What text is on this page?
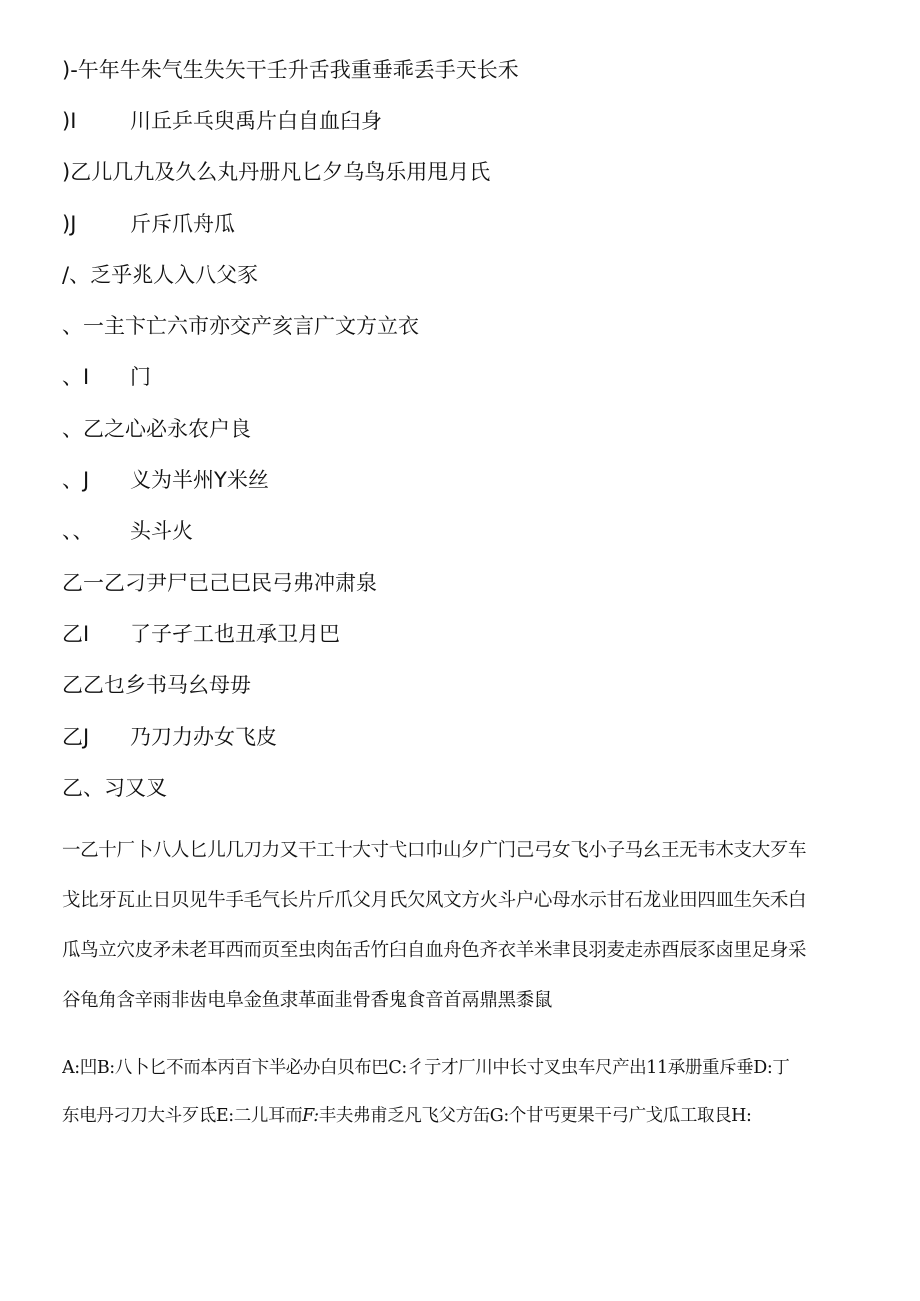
)- 午年牛朱气生失矢干壬升舌我重垂乖丢手天长禾
)I	川丘乒乓臾禹片白自血臼身
) 乙儿几九及久么丸丹册凡匕夕乌鸟乐用甩月氏
)J	斤斥爪舟瓜
/、 乏乎兆人入八父豕
、 一主卞亡六市亦交产亥言广文方立衣
、I	门
、 乙之心必永农户良
、J	义为半州Y米丝
、、	头斗火
乙 一乙刁尹尸已己巳民弓弗冲肃泉
乙I	了子孑工也丑承卫月巴
乙 乙乜乡书马幺母毋
乙J	乃刀力办女飞皮
乙 、习又叉
一乙十厂卜八人匕儿几刀力又干工十大寸弋口巾山夕广门己弓女飞小子马幺王无韦木支大歹车
戈比牙瓦止日贝见牛手毛气长片斤爪父月氏欠风文方火斗户心母水示甘石龙业田四皿生矢禾白
瓜鸟立穴皮矛未老耳西而页至虫肉缶舌竹臼自血舟色齐衣羊米聿艮羽麦走赤酉辰豕卤里足身采
谷龟角含辛雨非齿电阜金鱼隶革面韭骨香鬼食音首鬲鼎黑黍鼠
A:凹B:八卜匕不而本丙百卞半必办白贝布巴C:彳亍才厂川中长寸叉虫车尺产出11承册重斥垂D:丁
东电丹刁刀大斗歹氐E:二儿耳而F:丰夫弗甫乏凡飞父方缶G:个甘丐更果干弓广戈瓜工取艮H:
